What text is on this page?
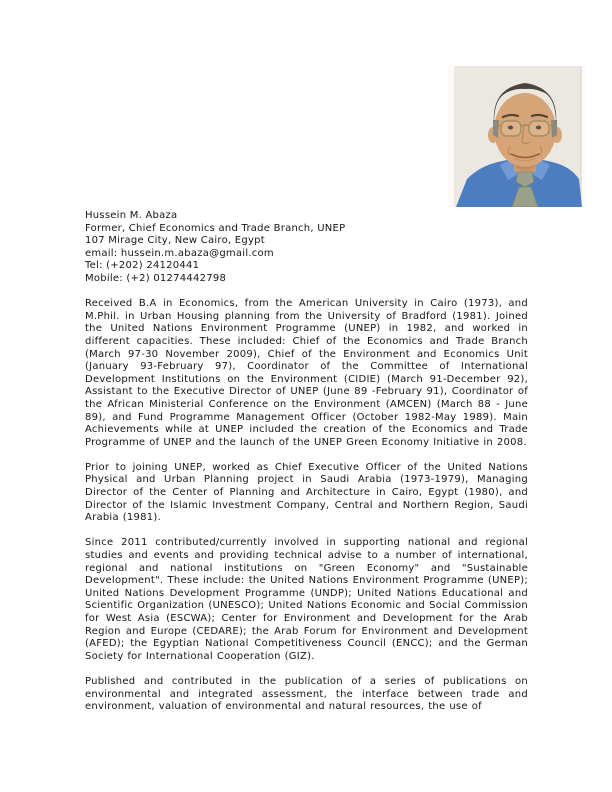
Hussein M. Abaza
Former, Chief Economics and Trade Branch, UNEP
107 Mirage City, New Cairo, Egypt
email: hussein.m.abaza@gmail.com
Tel: (+202) 24120441
Mobile: (+2) 01274442798

Received B.A in Economics, from the American University in Cairo (1973), and M.Phil. in Urban Housing planning from the University of Bradford (1981). Joined the United Nations Environment Programme (UNEP) in 1982, and worked in different capacities. These included: Chief of the Economics and Trade Branch (March 97-30 November 2009), Chief of the Environment and Economics Unit (January 93-February 97), Coordinator of the Committee of International Development Institutions on the Environment (CIDIE) (March 91-December 92), Assistant to the Executive Director of UNEP (June 89 -February 91), Coordinator of the African Ministerial Conference on the Environment (AMCEN) (March 88 - June 89), and Fund Programme Management Officer (October 1982-May 1989). Main Achievements while at UNEP included the creation of the Economics and Trade Programme of UNEP and the launch of the UNEP Green Economy Initiative in 2008.

Prior to joining UNEP, worked as Chief Executive Officer of the United Nations Physical and Urban Planning project in Saudi Arabia (1973-1979), Managing Director of the Center of Planning and Architecture in Cairo, Egypt (1980), and Director of the Islamic Investment Company, Central and Northern Region, Saudi Arabia (1981).

Since 2011 contributed/currently involved in supporting national and regional studies and events and providing technical advise to a number of international, regional and national institutions on "Green Economy" and "Sustainable Development". These include: the United Nations Environment Programme (UNEP); United Nations Development Programme (UNDP); United Nations Educational and Scientific Organization (UNESCO); United Nations Economic and Social Commission for West Asia (ESCWA); Center for Environment and Development for the Arab Region and Europe (CEDARE); the Arab Forum for Environment and Development (AFED); the Egyptian National Competitiveness Council (ENCC); and the German Society for International Cooperation (GIZ).

Published and contributed in the publication of a series of publications on environmental and integrated assessment, the interface between trade and environment, valuation of environmental and natural resources, the use of
